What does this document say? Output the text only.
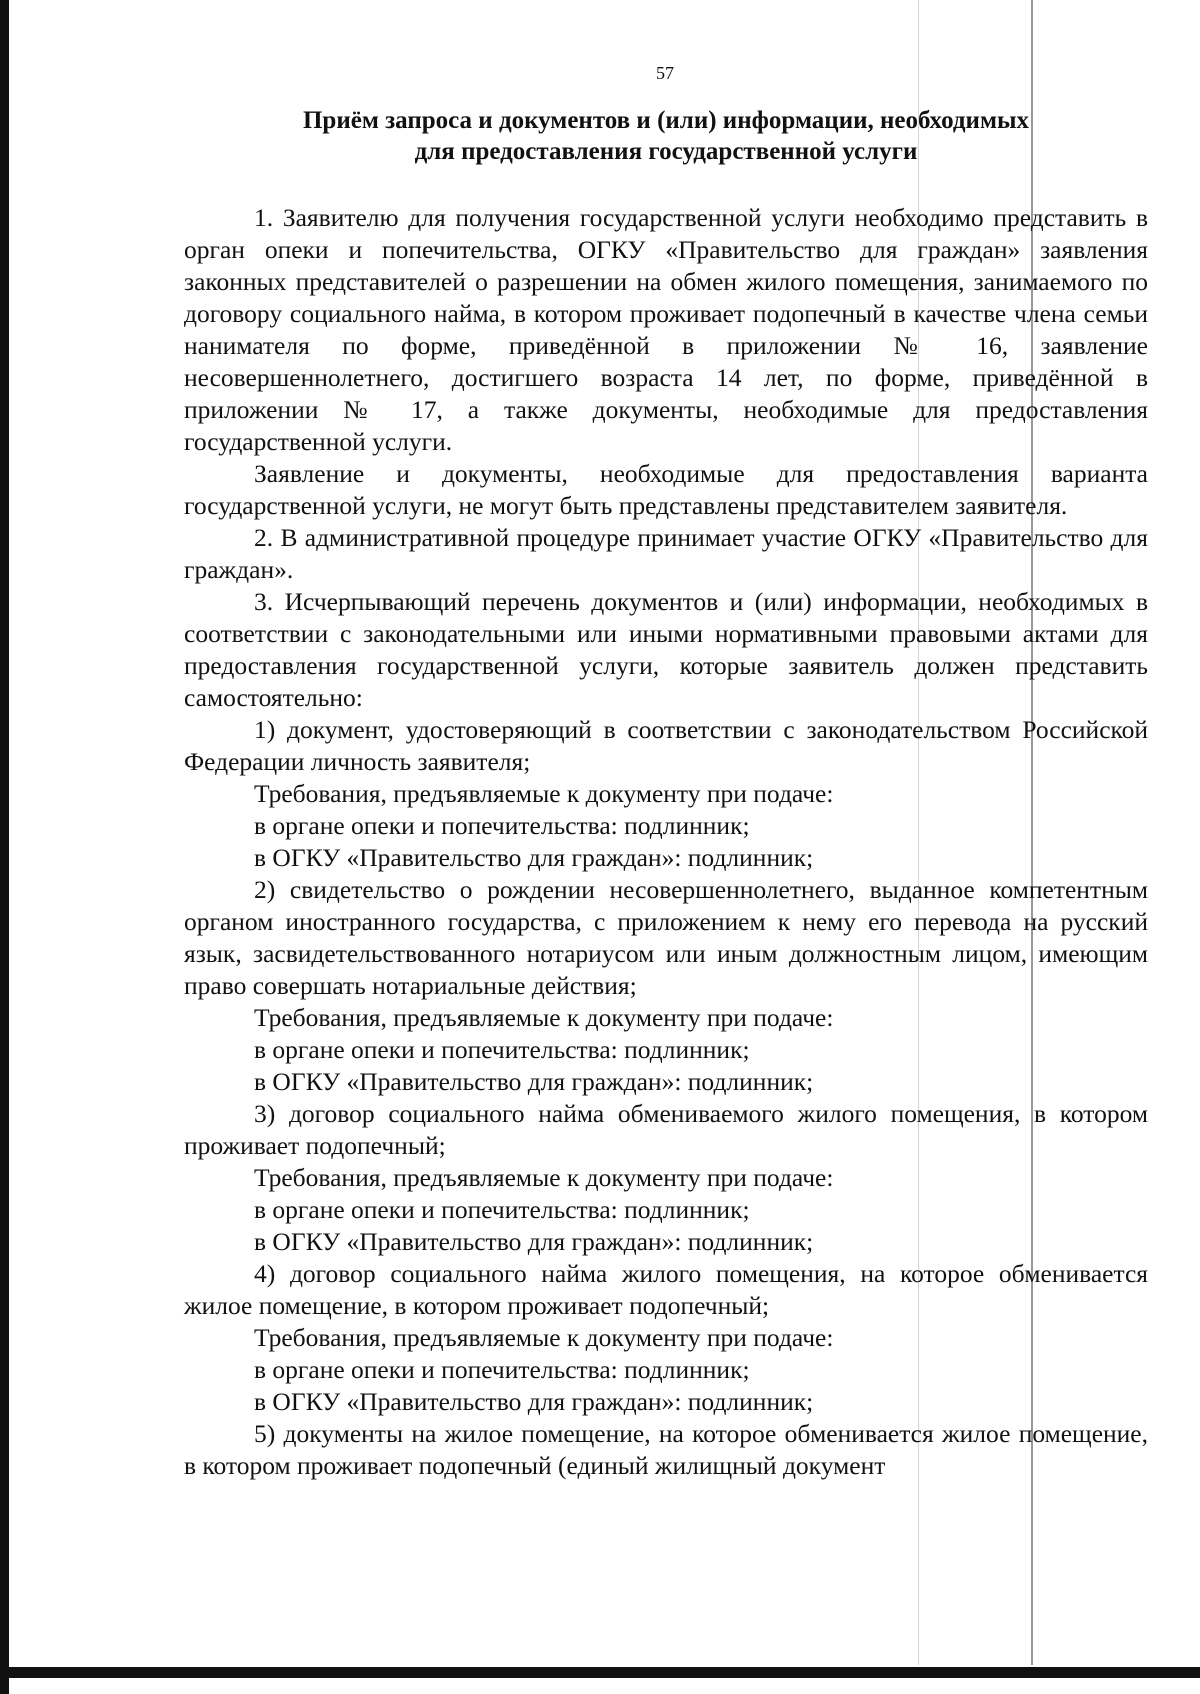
57
Приём запроса и документов и (или) информации, необходимых
для предоставления государственной услуги

1. Заявителю для получения государственной услуги необходимо представить в орган опеки и попечительства, ОГКУ «Правительство для граждан» заявления законных представителей о разрешении на обмен жилого помещения, занимаемого по договору социального найма, в котором проживает подопечный в качестве члена семьи нанимателя по форме, приведённой в приложении № 16, заявление несовершеннолетнего, достигшего возраста 14 лет, по форме, приведённой в приложении № 17, а также документы, необходимые для предоставления государственной услуги.

Заявление и документы, необходимые для предоставления варианта государственной услуги, не могут быть представлены представителем заявителя.

2. В административной процедуре принимает участие ОГКУ «Правительство для граждан».

3. Исчерпывающий перечень документов и (или) информации, необходимых в соответствии с законодательными или иными нормативными правовыми актами для предоставления государственной услуги, которые заявитель должен представить самостоятельно:

1) документ, удостоверяющий в соответствии с законодательством Российской Федерации личность заявителя;

Требования, предъявляемые к документу при подаче:

в органе опеки и попечительства: подлинник;

в ОГКУ «Правительство для граждан»: подлинник;

2) свидетельство о рождении несовершеннолетнего, выданное компетентным органом иностранного государства, с приложением к нему его перевода на русский язык, засвидетельствованного нотариусом или иным должностным лицом, имеющим право совершать нотариальные действия;

Требования, предъявляемые к документу при подаче:

в органе опеки и попечительства: подлинник;

в ОГКУ «Правительство для граждан»: подлинник;

3) договор социального найма обмениваемого жилого помещения, в котором проживает подопечный;

Требования, предъявляемые к документу при подаче:

в органе опеки и попечительства: подлинник;

в ОГКУ «Правительство для граждан»: подлинник;

4) договор социального найма жилого помещения, на которое обменивается жилое помещение, в котором проживает подопечный;

Требования, предъявляемые к документу при подаче:

в органе опеки и попечительства: подлинник;

в ОГКУ «Правительство для граждан»: подлинник;

5) документы на жилое помещение, на которое обменивается жилое помещение, в котором проживает подопечный (единый жилищный документ
